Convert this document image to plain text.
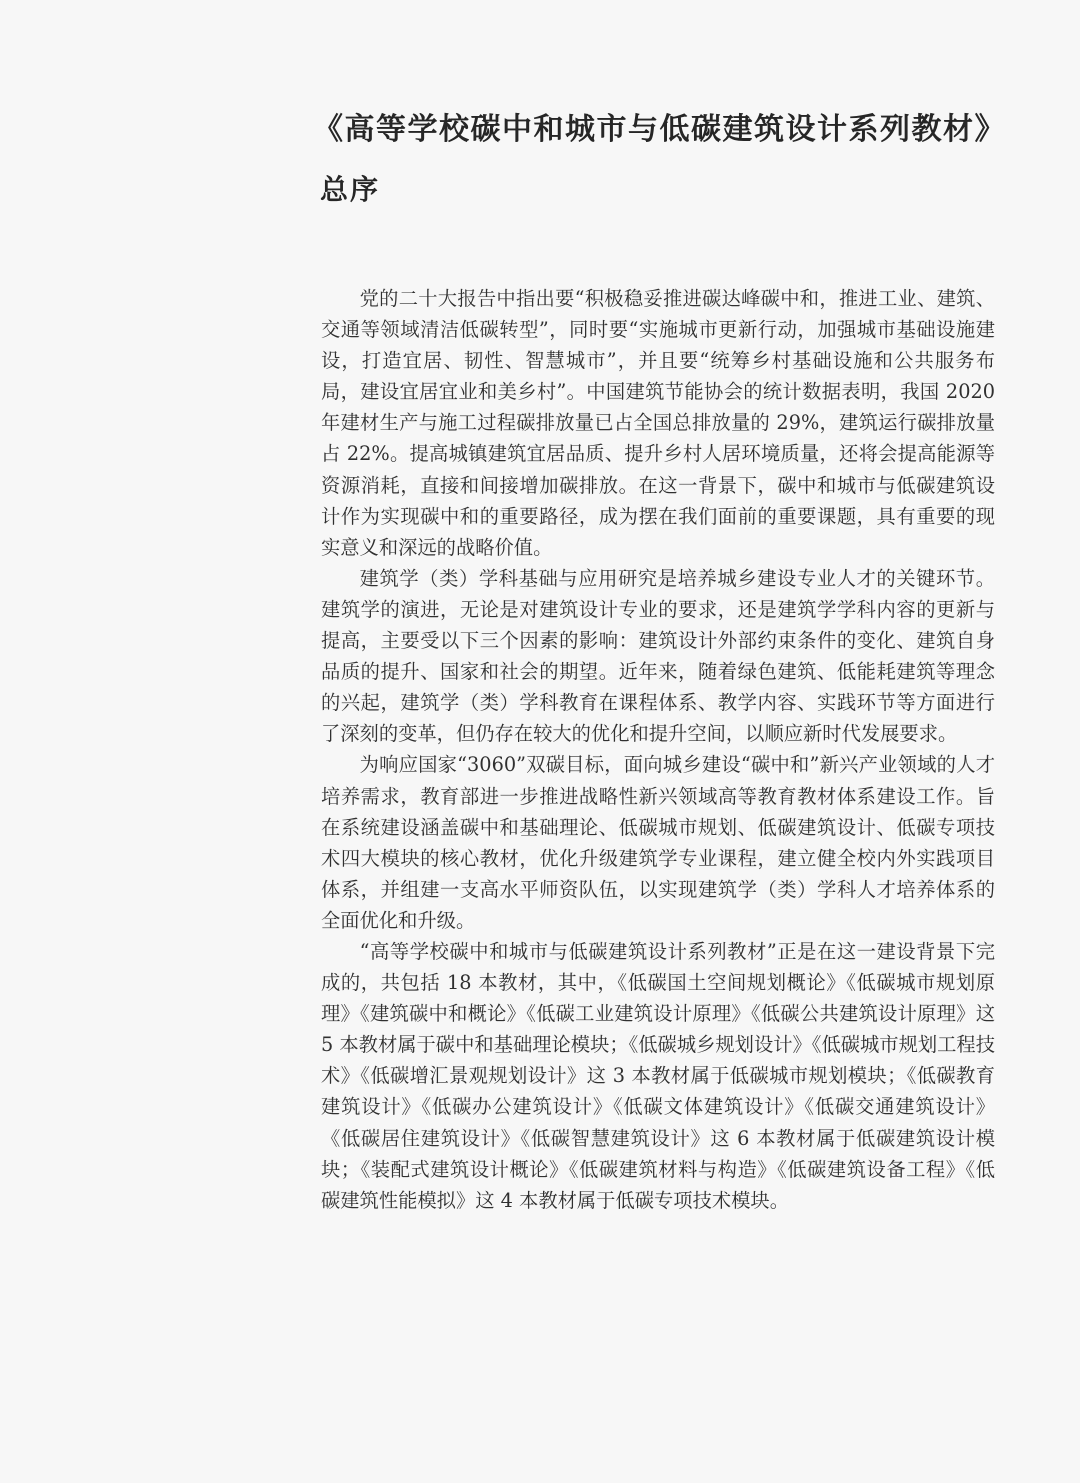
《高等学校碳中和城市与低碳建筑设计系列教材》
总序

党的二十大报告中指出要“积极稳妥推进碳达峰碳中和，推进工业、建筑、交通等领域清洁低碳转型”，同时要“实施城市更新行动，加强城市基础设施建设，打造宜居、韧性、智慧城市”，并且要“统筹乡村基础设施和公共服务布局，建设宜居宜业和美乡村”。中国建筑节能协会的统计数据表明，我国 2020 年建材生产与施工过程碳排放量已占全国总排放量的 29%，建筑运行碳排放量占 22%。提高城镇建筑宜居品质、提升乡村人居环境质量，还将会提高能源等资源消耗，直接和间接增加碳排放。在这一背景下，碳中和城市与低碳建筑设计作为实现碳中和的重要路径，成为摆在我们面前的重要课题，具有重要的现实意义和深远的战略价值。

建筑学（类）学科基础与应用研究是培养城乡建设专业人才的关键环节。建筑学的演进，无论是对建筑设计专业的要求，还是建筑学学科内容的更新与提高，主要受以下三个因素的影响：建筑设计外部约束条件的变化、建筑自身品质的提升、国家和社会的期望。近年来，随着绿色建筑、低能耗建筑等理念的兴起，建筑学（类）学科教育在课程体系、教学内容、实践环节等方面进行了深刻的变革，但仍存在较大的优化和提升空间，以顺应新时代发展要求。

为响应国家“3060”双碳目标，面向城乡建设“碳中和”新兴产业领域的人才培养需求，教育部进一步推进战略性新兴领域高等教育教材体系建设工作。旨在系统建设涵盖碳中和基础理论、低碳城市规划、低碳建筑设计、低碳专项技术四大模块的核心教材，优化升级建筑学专业课程，建立健全校内外实践项目体系，并组建一支高水平师资队伍，以实现建筑学（类）学科人才培养体系的全面优化和升级。

“高等学校碳中和城市与低碳建筑设计系列教材”正是在这一建设背景下完成的，共包括 18 本教材，其中，《低碳国土空间规划概论》《低碳城市规划原理》《建筑碳中和概论》《低碳工业建筑设计原理》《低碳公共建筑设计原理》这 5 本教材属于碳中和基础理论模块；《低碳城乡规划设计》《低碳城市规划工程技术》《低碳增汇景观规划设计》这 3 本教材属于低碳城市规划模块；《低碳教育建筑设计》《低碳办公建筑设计》《低碳文体建筑设计》《低碳交通建筑设计》《低碳居住建筑设计》《低碳智慧建筑设计》这 6 本教材属于低碳建筑设计模块；《装配式建筑设计概论》《低碳建筑材料与构造》《低碳建筑设备工程》《低碳建筑性能模拟》这 4 本教材属于低碳专项技术模块。
